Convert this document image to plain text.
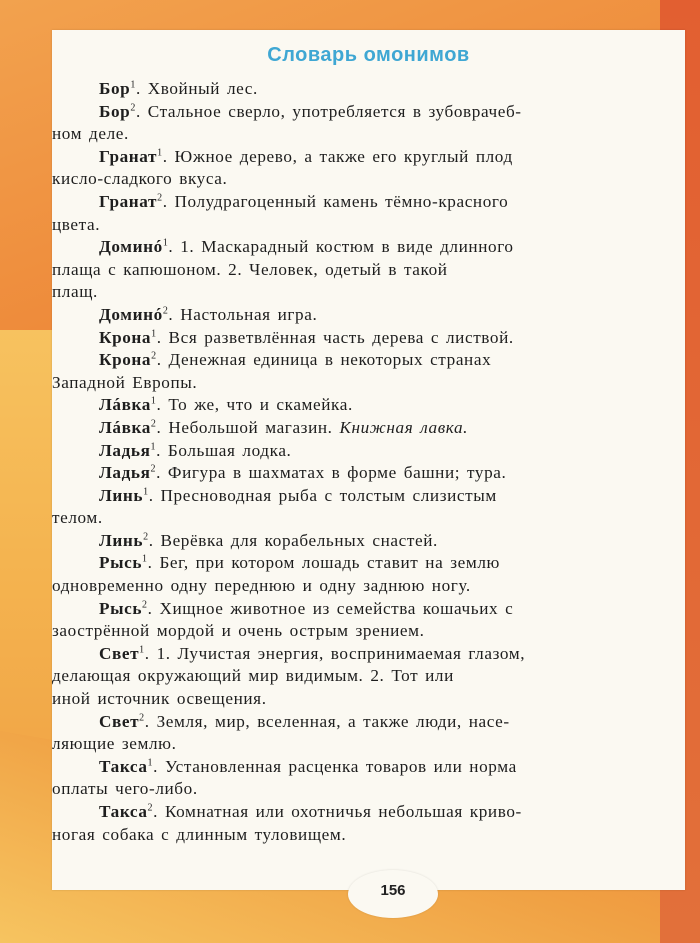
Словарь омонимов
Бор$^1$. Хвойный лес.
Бор$^2$. Стальное сверло, употребляется в зубоврачеб-
ном деле.
Гранат$^1$. Южное дерево, а также его круглый плод
кисло-сладкого вкуса.
Гранат$^2$. Полудрагоценный камень тёмно-красного
цвета.
Доминó$^1$. 1. Маскарадный костюм в виде длинного
плаща с капюшоном. 2. Человек, одетый в такой
плащ.
Доминó$^2$. Настольная игра.
Крона$^1$. Вся разветвлённая часть дерева с листвой.
Крона$^2$. Денежная единица в некоторых странах
Западной Европы.
Лáвка$^1$. То же, что и скамейка.
Лáвка$^2$. Небольшой магазин. Книжная лавка.
Ладья$^1$. Большая лодка.
Ладья$^2$. Фигура в шахматах в форме башни; тура.
Линь$^1$. Пресноводная рыба с толстым слизистым
телом.
Линь$^2$. Верёвка для корабельных снастей.
Рысь$^1$. Бег, при котором лошадь ставит на землю
одновременно одну переднюю и одну заднюю ногу.
Рысь$^2$. Хищное животное из семейства кошачьих с
заострённой мордой и очень острым зрением.
Свет$^1$. 1. Лучистая энергия, воспринимаемая глазом,
делающая окружающий мир видимым. 2. Тот или
иной источник освещения.
Свет$^2$. Земля, мир, вселенная, а также люди, насе-
ляющие землю.
Такса$^1$. Установленная расценка товаров или норма
оплаты чего-либо.
Такса$^2$. Комнатная или охотничья небольшая криво-
ногая собака с длинным туловищем.
156
